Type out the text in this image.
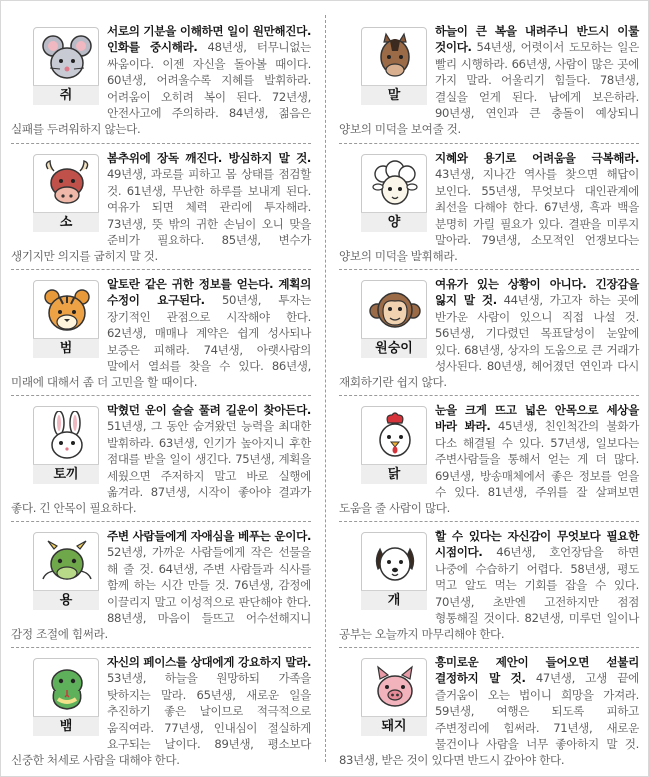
쥐

서로의 기분을 이해하면 일이 원만해진다. 인화를 중시해라. 48년생, 터무니없는 싸움이다. 이젠 자신을 돌아볼 때이다. 60년생, 어려울수록 지혜를 발휘하라. 어려움이 오히려 복이 된다. 72년생, 안전사고에 주의하라. 84년생, 젊음은 실패를 두려워하지 않는다.

소

봄추위에 장독 깨진다. 방심하지 말 것. 49년생, 과로를 피하고 몸 상태를 점검할 것. 61년생, 무난한 하루를 보내게 된다. 여유가 되면 체력 관리에 투자해라. 73년생, 뜻 밖의 귀한 손님이 오니 맞을 준비가 필요하다. 85년생, 변수가 생기지만 의지를 굽히지 말 것.

범

알토란 같은 귀한 정보를 얻는다. 계획의 수정이 요구된다. 50년생, 투자는 장기적인 관점으로 시작해야 한다. 62년생, 매매나 계약은 쉽게 성사되나 보증은 피해라. 74년생, 아랫사람의 말에서 열쇠를 찾을 수 있다. 86년생, 미래에 대해서 좀 더 고민을 할 때이다.

토끼

막혔던 운이 술술 풀려 길운이 찾아든다. 51년생, 그 동안 숨겨왔던 능력을 최대한 발휘하라. 63년생, 인기가 높아지니 후한 점대를 받을 일이 생긴다. 75년생, 계획을 세웠으면 주저하지 말고 바로 실행에 옮겨라. 87년생, 시작이 좋아야 결과가 좋다. 긴 안목이 필요하다.

용

주변 사람들에게 자애심을 베푸는 운이다. 52년생, 가까운 사람들에게 작은 선물을 해 줄 것. 64년생, 주변 사람들과 식사를 함께 하는 시간 만들 것. 76년생, 감정에 이끌리지 말고 이성적으로 판단해야 한다. 88년생, 마음이 들뜨고 어수선해지니 감정 조절에 힘써라.

뱀

자신의 페이스를 상대에게 강요하지 말라. 53년생, 하늘을 원망하되 가족을 탓하지는 말라. 65년생, 새로운 일을 추진하기 좋은 날이므로 적극적으로 움직여라. 77년생, 인내심이 절실하게 요구되는 날이다. 89년생, 평소보다 신중한 처세로 사람을 대해야 한다.

말

하늘이 큰 복을 내려주니 반드시 이룰 것이다. 54년생, 어렷이서 도모하는 일은 빨리 시행하라. 66년생, 사람이 많은 곳에 가지 말라. 어울리기 힘들다. 78년생, 결실을 얻게 된다. 남에게 보은하라. 90년생, 연인과 큰 충돌이 예상되니 양보의 미덕을 보여줄 것.

양

지혜와 용기로 어려움을 극복해라. 43년생, 지나간 역사를 찾으면 해답이 보인다. 55년생, 무엇보다 대인관계에 최선을 다해야 한다. 67년생, 흑과 백을 분명히 가릴 필요가 있다. 결판을 미루지 말아라. 79년생, 소모적인 언쟁보다는 양보의 미덕을 발휘해라.

원숭이

여유가 있는 상황이 아니다. 긴장감을 잃지 말 것. 44년생, 가고자 하는 곳에 반가운 사람이 있으니 직접 나설 것. 56년생, 기다렸던 목표달성이 눈앞에 있다. 68년생, 상자의 도움으로 큰 거래가 성사된다. 80년생, 헤어졌던 연인과 다시 재회하기란 쉽지 않다.

닭

눈을 크게 뜨고 넓은 안목으로 세상을 바라 봐라. 45년생, 친인척간의 불화가 다소 해결될 수 있다. 57년생, 일보다는 주변사람들을 통해서 얻는 게 더 많다. 69년생, 방송매체에서 좋은 정보를 얻을 수 있다. 81년생, 주위를 잘 살펴보면 도움을 줄 사람이 많다.

개

할 수 있다는 자신감이 무엇보다 필요한 시점이다. 46년생, 호언장담을 하면 나중에 수습하기 어렵다. 58년생, 평도 먹고 알도 먹는 기회를 잡을 수 있다. 70년생, 초반엔 고전하지만 점점 형통해질 것이다. 82년생, 미루던 일이나 공부는 오늘까지 마무리해야 한다.

돼지

흥미로운 제안이 들어오면 섣불리 결정하지 말 것. 47년생, 고생 끝에 즐거움이 오는 법이니 희망을 가져라. 59년생, 여행은 되도록 피하고 주변정리에 힘써라. 71년생, 새로운 물건이나 사람을 너무 좋아하지 말 것. 83년생, 받은 것이 있다면 반드시 갚아야 한다.
